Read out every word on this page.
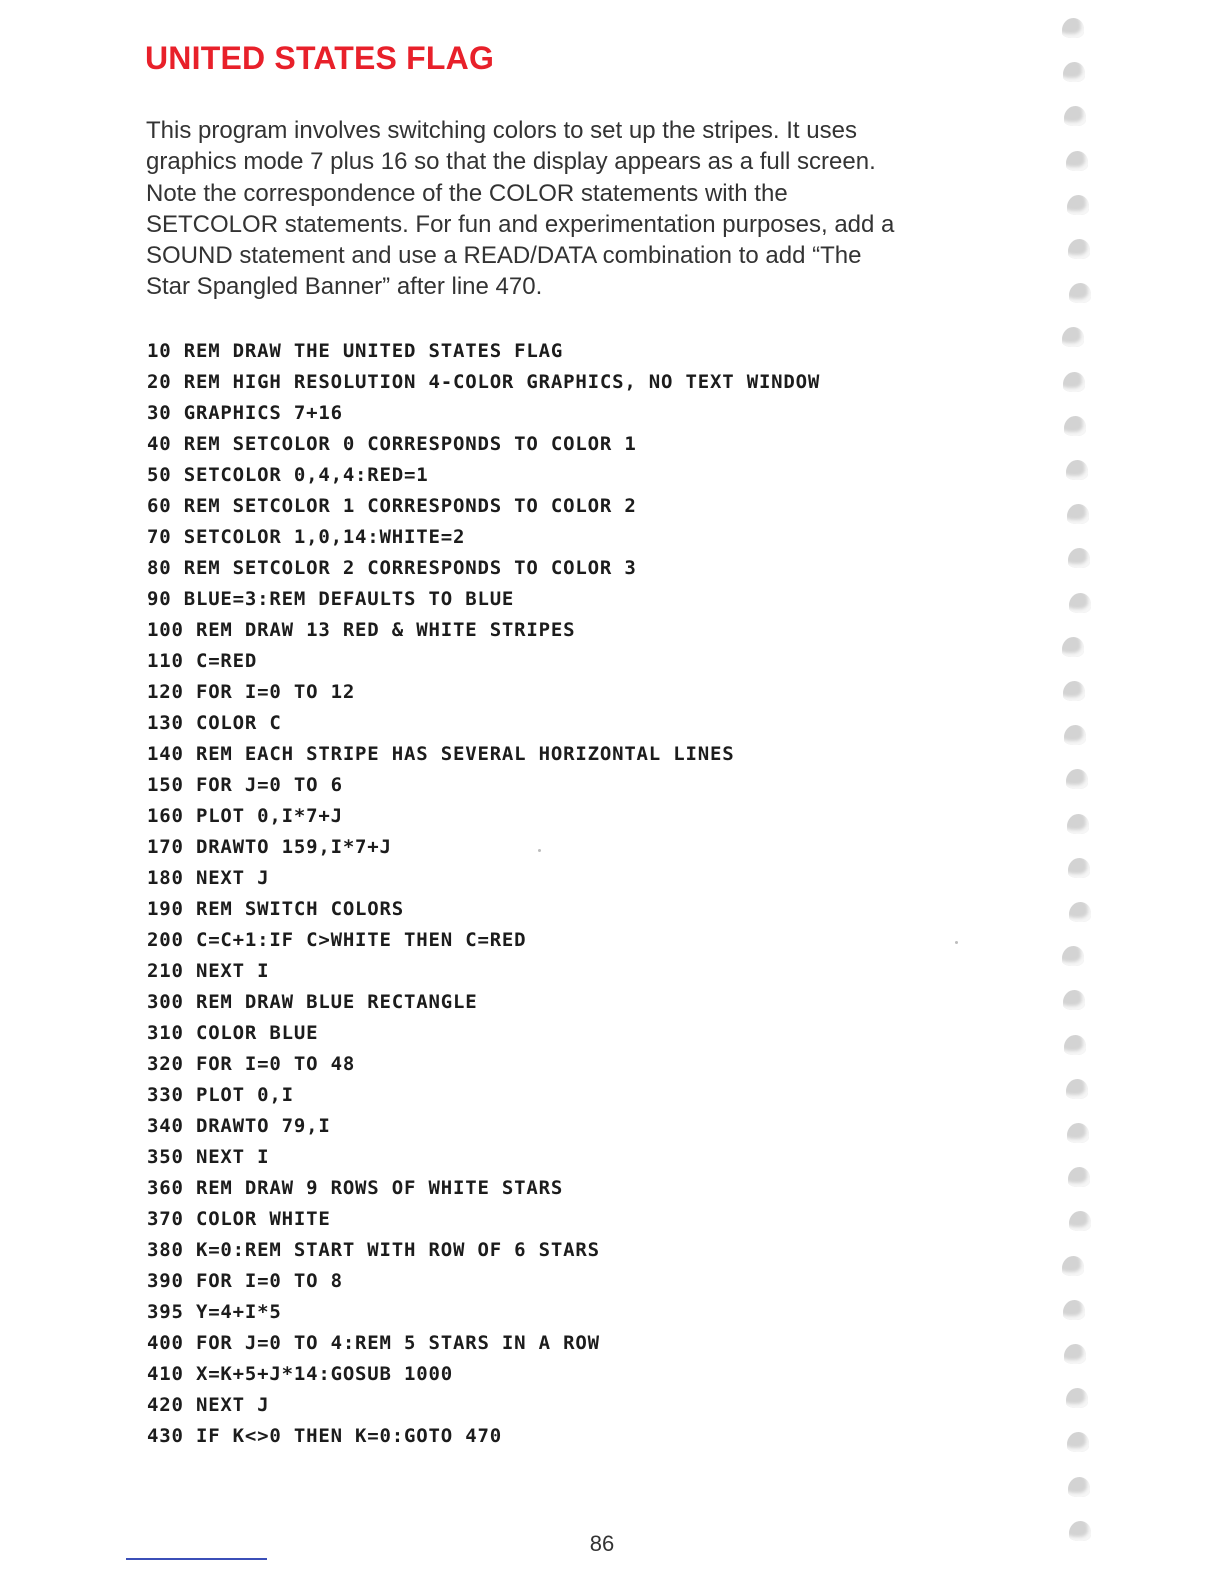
UNITED STATES FLAG
This program involves switching colors to set up the stripes. It uses
graphics mode 7 plus 16 so that the display appears as a full screen.
Note the correspondence of the COLOR statements with the
SETCOLOR statements. For fun and experimentation purposes, add a
SOUND statement and use a READ/DATA combination to add “The
Star Spangled Banner” after line 470.
10 REM DRAW THE UNITED STATES FLAG
20 REM HIGH RESOLUTION 4-COLOR GRAPHICS, NO TEXT WINDOW
30 GRAPHICS 7+16
40 REM SETCOLOR 0 CORRESPONDS TO COLOR 1
50 SETCOLOR 0,4,4:RED=1
60 REM SETCOLOR 1 CORRESPONDS TO COLOR 2
70 SETCOLOR 1,0,14:WHITE=2
80 REM SETCOLOR 2 CORRESPONDS TO COLOR 3
90 BLUE=3:REM DEFAULTS TO BLUE
100 REM DRAW 13 RED & WHITE STRIPES
110 C=RED
120 FOR I=0 TO 12
130 COLOR C
140 REM EACH STRIPE HAS SEVERAL HORIZONTAL LINES
150 FOR J=0 TO 6
160 PLOT 0,I*7+J
170 DRAWTO 159,I*7+J
180 NEXT J
190 REM SWITCH COLORS
200 C=C+1:IF C>WHITE THEN C=RED
210 NEXT I
300 REM DRAW BLUE RECTANGLE
310 COLOR BLUE
320 FOR I=0 TO 48
330 PLOT 0,I
340 DRAWTO 79,I
350 NEXT I
360 REM DRAW 9 ROWS OF WHITE STARS
370 COLOR WHITE
380 K=0:REM START WITH ROW OF 6 STARS
390 FOR I=0 TO 8
395 Y=4+I*5
400 FOR J=0 TO 4:REM 5 STARS IN A ROW
410 X=K+5+J*14:GOSUB 1000
420 NEXT J
430 IF K<>0 THEN K=0:GOTO 470
86
